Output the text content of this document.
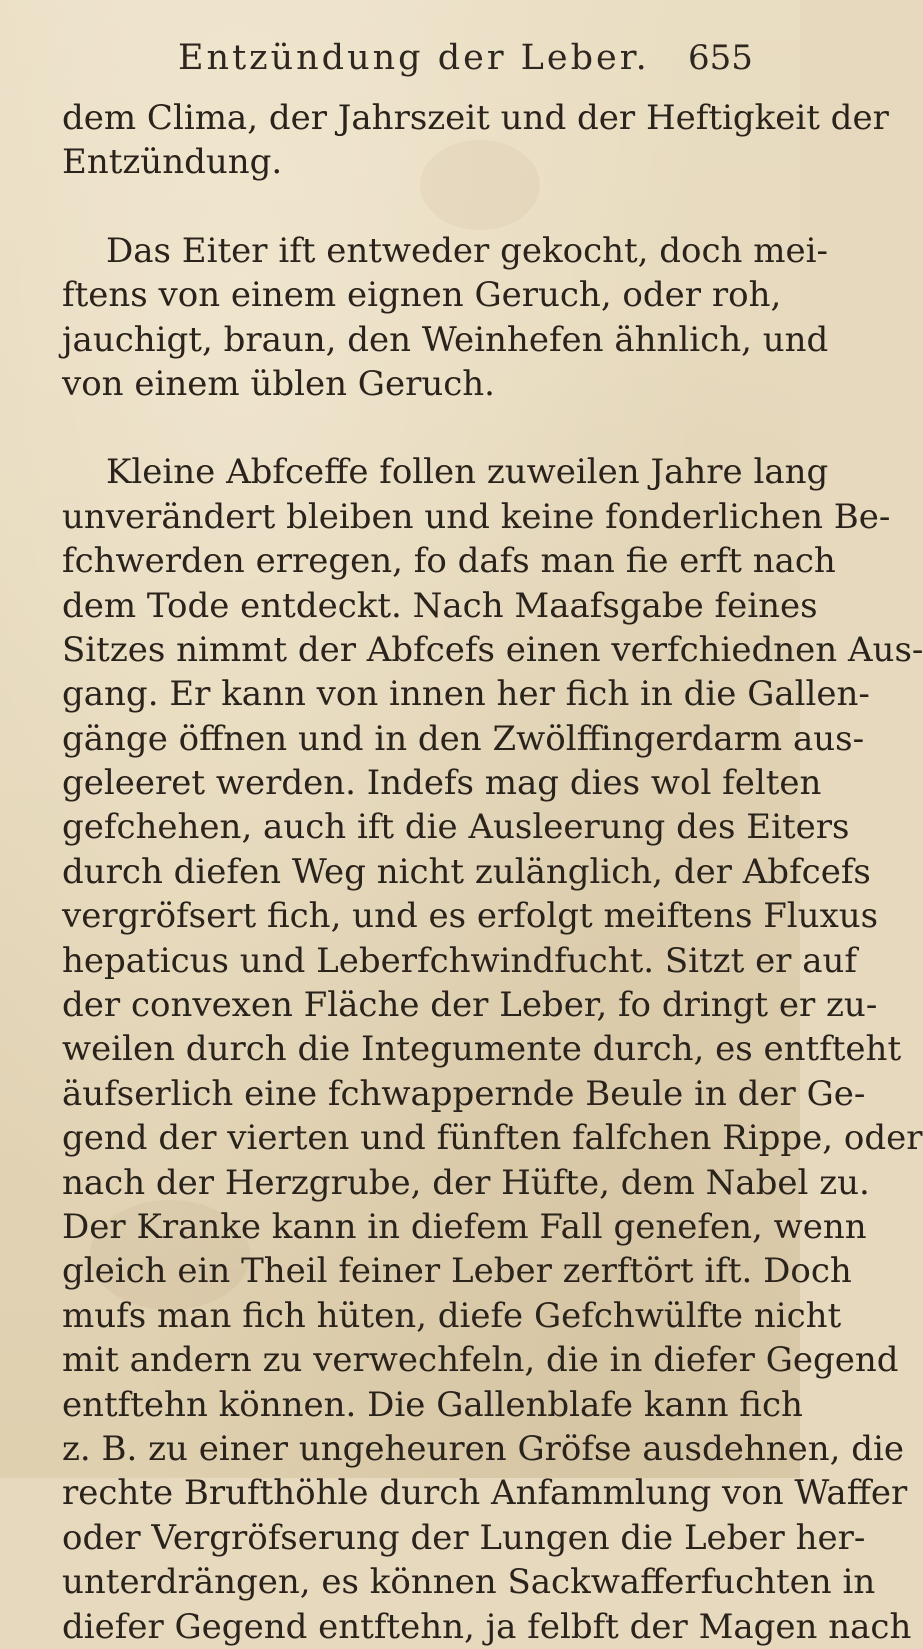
Entzündung der Leber. 655
dem Clima, der Jahrszeit und der Heftigkeit der
Entzündung.
Das Eiter ift entweder gekocht, doch mei-
ftens von einem eignen Geruch, oder roh,
jauchigt, braun, den Weinhefen ähnlich, und
von einem üblen Geruch.
Kleine Abfceffe follen zuweilen Jahre lang
unverändert bleiben und keine fonderlichen Be-
fchwerden erregen, fo dafs man fie erft nach
dem Tode entdeckt. Nach Maafsgabe feines
Sitzes nimmt der Abfcefs einen verfchiednen Aus-
gang. Er kann von innen her fich in die Gallen-
gänge öffnen und in den Zwölffingerdarm aus-
geleeret werden. Indefs mag dies wol felten
gefchehen, auch ift die Ausleerung des Eiters
durch diefen Weg nicht zulänglich, der Abfcefs
vergröfsert fich, und es erfolgt meiftens Fluxus
hepaticus und Leberfchwindfucht. Sitzt er auf
der convexen Fläche der Leber, fo dringt er zu-
weilen durch die Integumente durch, es entfteht
äufserlich eine fchwappernde Beule in der Ge-
gend der vierten und fünften falfchen Rippe, oder
nach der Herzgrube, der Hüfte, dem Nabel zu.
Der Kranke kann in diefem Fall genefen, wenn
gleich ein Theil feiner Leber zerftört ift. Doch
mufs man fich hüten, diefe Gefchwülfte nicht
mit andern zu verwechfeln, die in diefer Gegend
entftehn können. Die Gallenblafe kann fich
z. B. zu einer ungeheuren Gröfse ausdehnen, die
rechte Brufthöhle durch Anfammlung von Waffer
oder Vergröfserung der Lungen die Leber her-
unterdrängen, es können Sackwafferfuchten in
diefer Gegend entftehn, ja felbft der Magen nach
